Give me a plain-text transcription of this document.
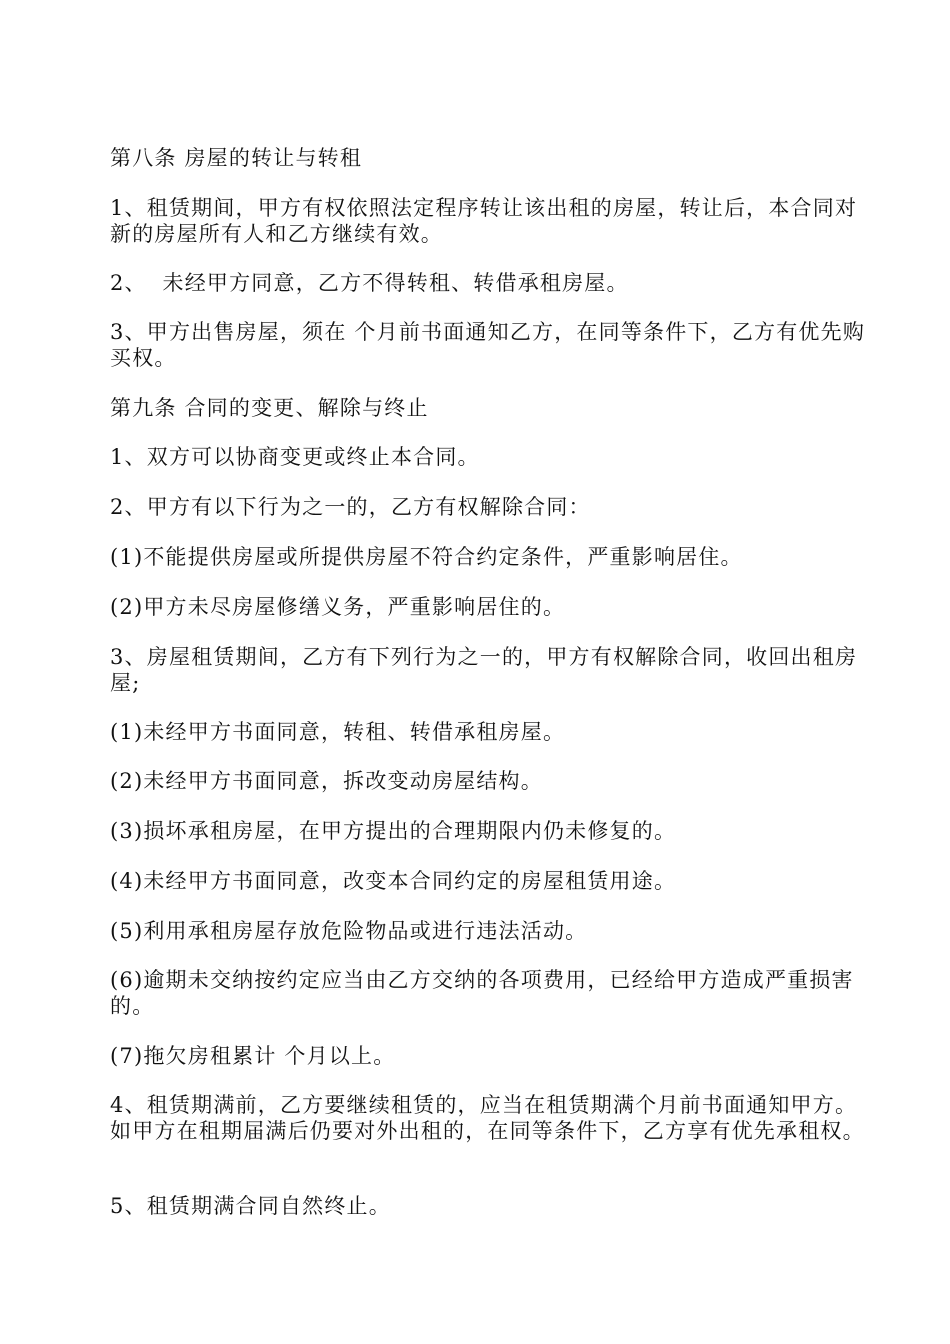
第八条 房屋的转让与转租

1、租赁期间，甲方有权依照法定程序转让该出租的房屋，转让后，本合同对新的房屋所有人和乙方继续有效。

2、  未经甲方同意，乙方不得转租、转借承租房屋。

3、甲方出售房屋，须在 个月前书面通知乙方，在同等条件下，乙方有优先购买权。

第九条 合同的变更、解除与终止

1、双方可以协商变更或终止本合同。

2、甲方有以下行为之一的，乙方有权解除合同：

(1)不能提供房屋或所提供房屋不符合约定条件，严重影响居住。

(2)甲方未尽房屋修缮义务，严重影响居住的。

3、房屋租赁期间，乙方有下列行为之一的，甲方有权解除合同，收回出租房屋;

(1)未经甲方书面同意，转租、转借承租房屋。

(2)未经甲方书面同意，拆改变动房屋结构。

(3)损坏承租房屋，在甲方提出的合理期限内仍未修复的。

(4)未经甲方书面同意，改变本合同约定的房屋租赁用途。

(5)利用承租房屋存放危险物品或进行违法活动。

(6)逾期未交纳按约定应当由乙方交纳的各项费用，已经给甲方造成严重损害的。

(7)拖欠房租累计 个月以上。

4、租赁期满前，乙方要继续租赁的，应当在租赁期满个月前书面通知甲方。如甲方在租期届满后仍要对外出租的，在同等条件下，乙方享有优先承租权。

5、租赁期满合同自然终止。
